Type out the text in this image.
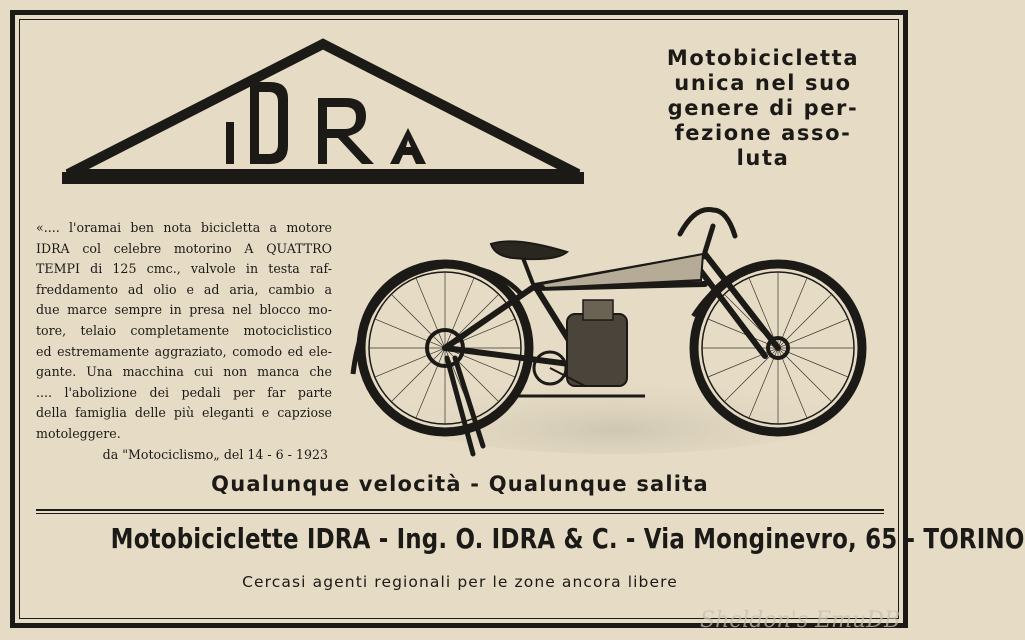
IDRA
Motobicicletta
unica nel suo
genere di per-
fezione asso-
luta
«.... l'oramai ben nota bicicletta a motore
IDRA col celebre motorino A QUATTRO
TEMPI di 125 cmc., valvole in testa raf-
freddamento ad olio e ad aria, cambio a
due marce sempre in presa nel blocco mo-
tore, telaio completamente motociclistico
ed estremamente aggraziato, comodo ed ele-
gante. Una macchina cui non manca che
.... l'abolizione dei pedali per far parte
della famiglia delle più eleganti e capziose
motoleggere.
da "Motociclismo„ del 14 - 6 - 1923
Qualunque velocità - Qualunque salita
Motobiciclette IDRA - Ing. O. IDRA & C. - Via Monginevro, 65 - TORINO
Cercasi agenti regionali per le zone ancora libere
Sheldon's EmuDB
